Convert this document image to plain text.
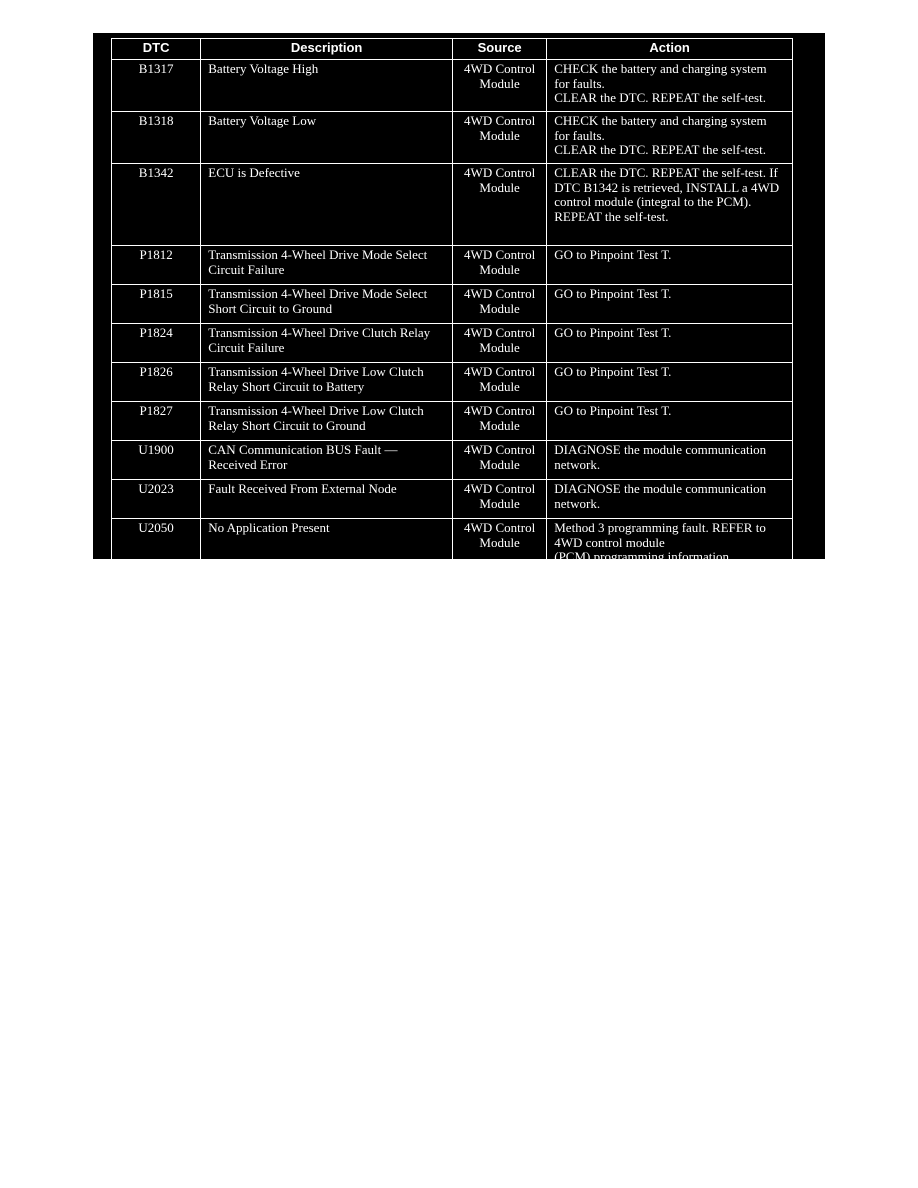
DTC	Description	Source	Action
B1317	Battery Voltage High	4WD Control Module	CHECK the battery and charging system for faults.
CLEAR the DTC. REPEAT the self-test.
B1318	Battery Voltage Low	4WD Control Module	CHECK the battery and charging system for faults.
CLEAR the DTC. REPEAT the self-test.
B1342	ECU is Defective	4WD Control Module	CLEAR the DTC. REPEAT the self-test. If DTC B1342 is retrieved, INSTALL a 4WD control module (integral to the PCM).
REPEAT the self-test.
P1812	Transmission 4-Wheel Drive Mode Select Circuit Failure	4WD Control Module	GO to Pinpoint Test T.
P1815	Transmission 4-Wheel Drive Mode Select Short Circuit to Ground	4WD Control Module	GO to Pinpoint Test T.
P1824	Transmission 4-Wheel Drive Clutch Relay Circuit Failure	4WD Control Module	GO to Pinpoint Test T.
P1826	Transmission 4-Wheel Drive Low Clutch Relay Short Circuit to Battery	4WD Control Module	GO to Pinpoint Test T.
P1827	Transmission 4-Wheel Drive Low Clutch Relay Short Circuit to Ground	4WD Control Module	GO to Pinpoint Test T.
U1900	CAN Communication BUS Fault — Received Error	4WD Control Module	DIAGNOSE the module communication network.
U2023	Fault Received From External Node	4WD Control Module	DIAGNOSE the module communication network.
U2050	No Application Present	4WD Control Module	Method 3 programming fault. REFER to 4WD control module
(PCM) programming information.
